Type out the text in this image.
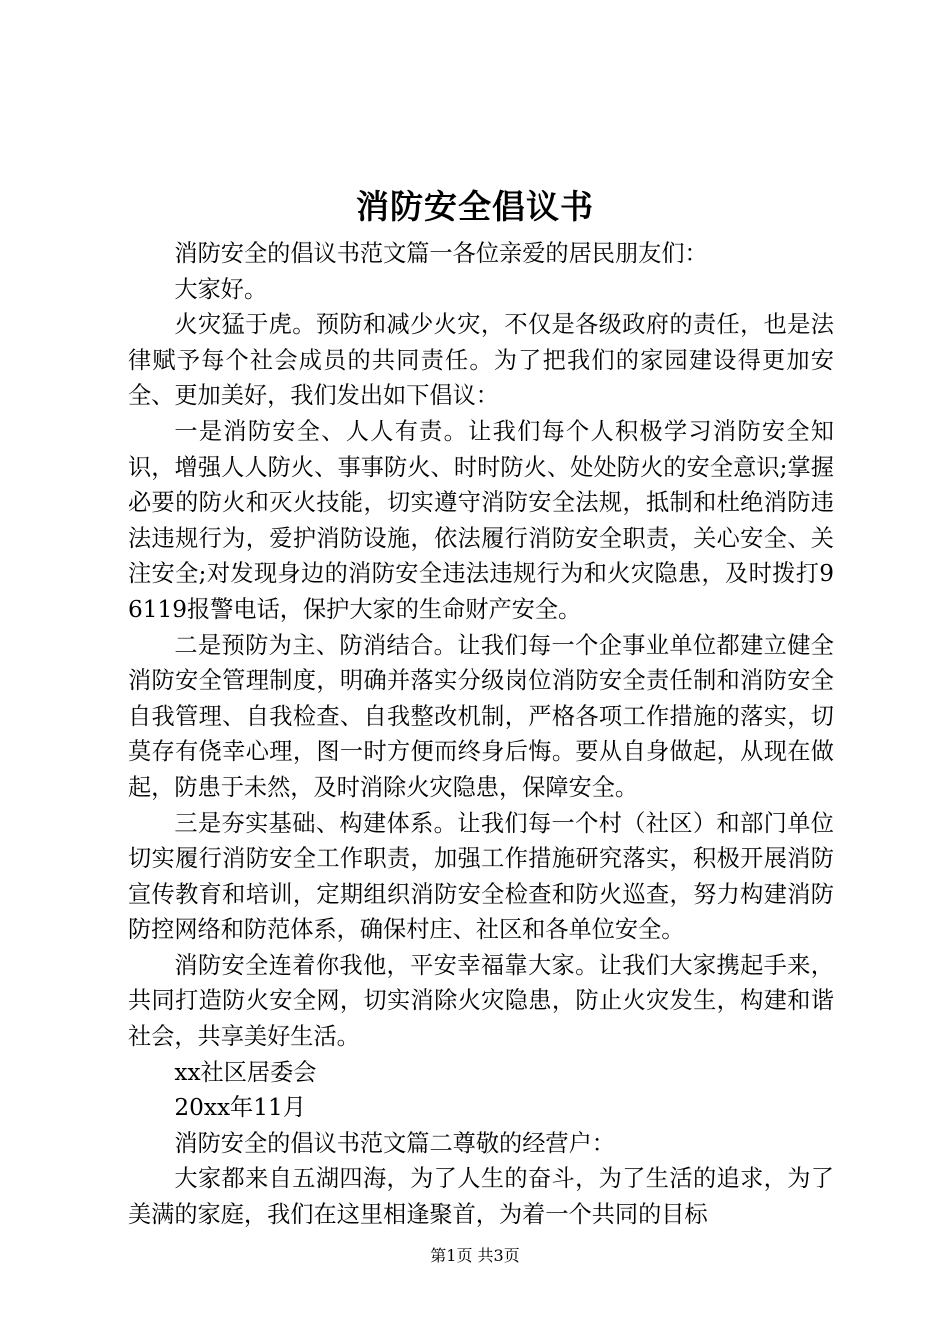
消防安全倡议书

消防安全的倡议书范文篇一各位亲爱的居民朋友们：

大家好。

火灾猛于虎。预防和减少火灾，不仅是各级政府的责任，也是法律赋予每个社会成员的共同责任。为了把我们的家园建设得更加安全、更加美好，我们发出如下倡议：

一是消防安全、人人有责。让我们每个人积极学习消防安全知识，增强人人防火、事事防火、时时防火、处处防火的安全意识;掌握必要的防火和灭火技能，切实遵守消防安全法规，抵制和杜绝消防违法违规行为，爱护消防设施，依法履行消防安全职责，关心安全、关注安全;对发现身边的消防安全违法违规行为和火灾隐患，及时拨打96119报警电话，保护大家的生命财产安全。

二是预防为主、防消结合。让我们每一个企事业单位都建立健全消防安全管理制度，明确并落实分级岗位消防安全责任制和消防安全自我管理、自我检查、自我整改机制，严格各项工作措施的落实，切莫存有侥幸心理，图一时方便而终身后悔。要从自身做起，从现在做起，防患于未然，及时消除火灾隐患，保障安全。

三是夯实基础、构建体系。让我们每一个村（社区）和部门单位切实履行消防安全工作职责，加强工作措施研究落实，积极开展消防宣传教育和培训，定期组织消防安全检查和防火巡查，努力构建消防防控网络和防范体系，确保村庄、社区和各单位安全。

消防安全连着你我他，平安幸福靠大家。让我们大家携起手来，共同打造防火安全网，切实消除火灾隐患，防止火灾发生，构建和谐社会，共享美好生活。

xx社区居委会

20xx年11月

消防安全的倡议书范文篇二尊敬的经营户：

大家都来自五湖四海，为了人生的奋斗，为了生活的追求，为了美满的家庭，我们在这里相逢聚首，为着一个共同的目标

第1页 共3页
